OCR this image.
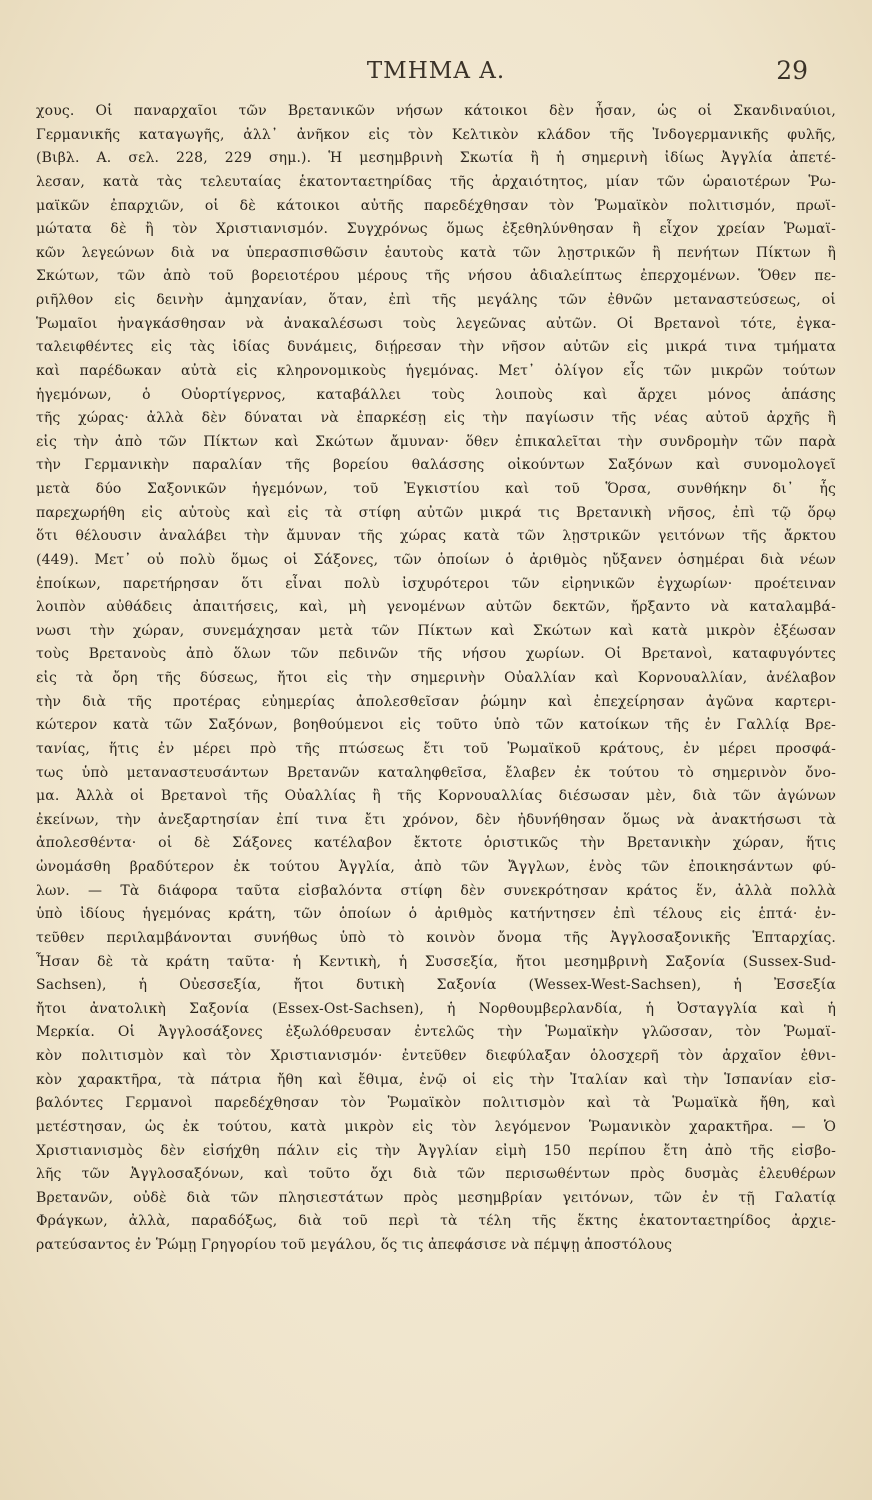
ΤΜΗΜΑ Α.	29
χους. Οἱ παναρχαῖοι τῶν Βρετανικῶν νήσων κάτοικοι δὲν ἦσαν, ὡς οἱ Σκανδιναύιοι,
Γερμανικῆς καταγωγῆς, ἀλλ᾽ ἀνῆκον εἰς τὸν Κελτικὸν κλάδον τῆς Ἰνδογερμανικῆς φυλῆς,
(Βιβλ. Α. σελ. 228, 229 σημ.). Ἡ μεσημβρινὴ Σκωτία ἢ ἡ σημερινὴ ἰδίως Ἀγγλία ἀπετέ-
λεσαν, κατὰ τὰς τελευταίας ἑκατονταετηρίδας τῆς ἀρχαιότητος, μίαν τῶν ὡραιοτέρων Ῥω-
μαϊκῶν ἐπαρχιῶν, οἱ δὲ κάτοικοι αὐτῆς παρεδέχθησαν τὸν Ῥωμαϊκὸν πολιτισμόν, πρωϊ-
μώτατα δὲ ἢ τὸν Χριστιανισμόν. Συγχρόνως ὅμως ἐξεθηλύνθησαν ἢ εἶχον χρείαν Ῥωμαϊ-
κῶν λεγεώνων διὰ να ὑπερασπισθῶσιν ἑαυτοὺς κατὰ τῶν λῃστρικῶν ἢ πενήτων Πίκτων ἢ
Σκώτων, τῶν ἀπὸ τοῦ βορειοτέρου μέρους τῆς νήσου ἀδιαλείπτως ἐπερχομένων. Ὅθεν πε-
ριῆλθον εἰς δεινὴν ἀμηχανίαν, ὅταν, ἐπὶ τῆς μεγάλης τῶν ἐθνῶν μεταναστεύσεως, οἱ
Ῥωμαῖοι ἠναγκάσθησαν νὰ ἀνακαλέσωσι τοὺς λεγεῶνας αὐτῶν. Οἱ Βρετανοὶ τότε, ἐγκα-
ταλειφθέντες εἰς τὰς ἰδίας δυνάμεις, διῄρεσαν τὴν νῆσον αὐτῶν εἰς μικρά τινα τμήματα
καὶ παρέδωκαν αὐτὰ εἰς κληρονομικοὺς ἡγεμόνας. Μετ᾽ ὀλίγον εἷς τῶν μικρῶν τούτων
ἡγεμόνων, ὁ Οὐορτίγερνος, καταβάλλει τοὺς λοιποὺς καὶ ἄρχει μόνος ἁπάσης
τῆς χώρας· ἀλλὰ δὲν δύναται νὰ ἐπαρκέσῃ εἰς τὴν παγίωσιν τῆς νέας αὐτοῦ ἀρχῆς ἢ
εἰς τὴν ἀπὸ τῶν Πίκτων καὶ Σκώτων ἄμυναν· ὅθεν ἐπικαλεῖται τὴν συνδρομὴν τῶν παρὰ
τὴν Γερμανικὴν παραλίαν τῆς βορείου θαλάσσης οἰκούντων Σαξόνων καὶ συνομολογεῖ
μετὰ δύο Σαξονικῶν ἡγεμόνων, τοῦ Ἐγκιστίου καὶ τοῦ Ὅρσα, συνθήκην δι᾽ ἧς
παρεχωρήθη εἰς αὐτοὺς καὶ εἰς τὰ στίφη αὐτῶν μικρά τις Βρετανικὴ νῆσος, ἐπὶ τῷ ὅρῳ
ὅτι θέλουσιν ἀναλάβει τὴν ἄμυναν τῆς χώρας κατὰ τῶν λῃστρικῶν γειτόνων τῆς ἄρκτου
(449). Μετ᾽ οὐ πολὺ ὅμως οἱ Σάξονες, τῶν ὁποίων ὁ ἀριθμὸς ηὔξανεν ὁσημέραι διὰ νέων
ἐποίκων, παρετήρησαν ὅτι εἶναι πολὺ ἰσχυρότεροι τῶν εἰρηνικῶν ἐγχωρίων· προέτειναν
λοιπὸν αὐθάδεις ἀπαιτήσεις, καὶ, μὴ γενομένων αὐτῶν δεκτῶν, ἤρξαντο νὰ καταλαμβά-
νωσι τὴν χώραν, συνεμάχησαν μετὰ τῶν Πίκτων καὶ Σκώτων καὶ κατὰ μικρὸν ἐξέωσαν
τοὺς Βρετανοὺς ἀπὸ ὅλων τῶν πεδινῶν τῆς νήσου χωρίων. Οἱ Βρετανοὶ, καταφυγόντες
εἰς τὰ ὄρη τῆς δύσεως, ἤτοι εἰς τὴν σημερινὴν Οὐαλλίαν καὶ Κορνουαλλίαν, ἀνέλαβον
τὴν διὰ τῆς προτέρας εὐημερίας ἀπολεσθεῖσαν ῥώμην καὶ ἐπεχείρησαν ἀγῶνα καρτερι-
κώτερον κατὰ τῶν Σαξόνων, βοηθούμενοι εἰς τοῦτο ὑπὸ τῶν κατοίκων τῆς ἐν Γαλλίᾳ Βρε-
τανίας, ἥτις ἐν μέρει πρὸ τῆς πτώσεως ἔτι τοῦ Ῥωμαϊκοῦ κράτους, ἐν μέρει προσφά-
τως ὑπὸ μεταναστευσάντων Βρετανῶν καταληφθεῖσα, ἔλαβεν ἐκ τούτου τὸ σημερινὸν ὄνο-
μα. Ἀλλὰ οἱ Βρετανοὶ τῆς Οὐαλλίας ἢ τῆς Κορνουαλλίας διέσωσαν μὲν, διὰ τῶν ἀγώνων
ἐκείνων, τὴν ἀνεξαρτησίαν ἐπί τινα ἔτι χρόνον, δὲν ἠδυνήθησαν ὅμως νὰ ἀνακτήσωσι τὰ
ἀπολεσθέντα· οἱ δὲ Σάξονες κατέλαβον ἔκτοτε ὁριστικῶς τὴν Βρετανικὴν χώραν, ἥτις
ὠνομάσθη βραδύτερον ἐκ τούτου Ἀγγλία, ἀπὸ τῶν Ἄγγλων, ἑνὸς τῶν ἐποικησάντων φύ-
λων. — Τὰ διάφορα ταῦτα εἰσβαλόντα στίφη δὲν συνεκρότησαν κράτος ἕν, ἀλλὰ πολλὰ
ὑπὸ ἰδίους ἡγεμόνας κράτη, τῶν ὁποίων ὁ ἀριθμὸς κατήντησεν ἐπὶ τέλους εἰς ἑπτά· ἐν-
τεῦθεν περιλαμβάνονται συνήθως ὑπὸ τὸ κοινὸν ὄνομα τῆς Ἀγγλοσαξονικῆς Ἑπταρχίας.
Ἦσαν δὲ τὰ κράτη ταῦτα· ἡ Κεντικὴ, ἡ Συσσεξία, ἤτοι μεσημβρινὴ Σαξονία (Sussex-Sud-
Sachsen), ἡ Οὐεσσεξία, ἤτοι δυτικὴ Σαξονία (Wessex-West-Sachsen), ἡ Ἐσσεξία
ἤτοι ἀνατολικὴ Σαξονία (Essex-Ost-Sachsen), ἡ Νορθουμβερλανδία, ἡ Ὀσταγγλία καὶ ἡ
Μερκία. Οἱ Ἀγγλοσάξονες ἐξωλόθρευσαν ἐντελῶς τὴν Ῥωμαϊκὴν γλῶσσαν, τὸν Ῥωμαϊ-
κὸν πολιτισμὸν καὶ τὸν Χριστιανισμόν· ἐντεῦθεν διεφύλαξαν ὁλοσχερῆ τὸν ἀρχαῖον ἐθνι-
κὸν χαρακτῆρα, τὰ πάτρια ἤθη καὶ ἔθιμα, ἐνῷ οἱ εἰς τὴν Ἰταλίαν καὶ τὴν Ἱσπανίαν εἰσ-
βαλόντες Γερμανοὶ παρεδέχθησαν τὸν Ῥωμαϊκὸν πολιτισμὸν καὶ τὰ Ῥωμαϊκὰ ἤθη, καὶ
μετέστησαν, ὡς ἐκ τούτου, κατὰ μικρὸν εἰς τὸν λεγόμενον Ῥωμανικὸν χαρακτῆρα. — Ὁ
Χριστιανισμὸς δὲν εἰσήχθη πάλιν εἰς τὴν Ἀγγλίαν εἰμὴ 150 περίπου ἔτη ἀπὸ τῆς εἰσβο-
λῆς τῶν Ἀγγλοσαξόνων, καὶ τοῦτο ὄχι διὰ τῶν περισωθέντων πρὸς δυσμὰς ἐλευθέρων
Βρετανῶν, οὐδὲ διὰ τῶν πλησιεστάτων πρὸς μεσημβρίαν γειτόνων, τῶν ἐν τῇ Γαλατίᾳ
Φράγκων, ἀλλὰ, παραδόξως, διὰ τοῦ περὶ τὰ τέλη τῆς ἕκτης ἑκατονταετηρίδος ἀρχιε-
ρατεύσαντος ἐν Ῥώμῃ Γρηγορίου τοῦ μεγάλου, ὅς τις ἀπεφάσισε νὰ πέμψῃ ἀποστόλους
